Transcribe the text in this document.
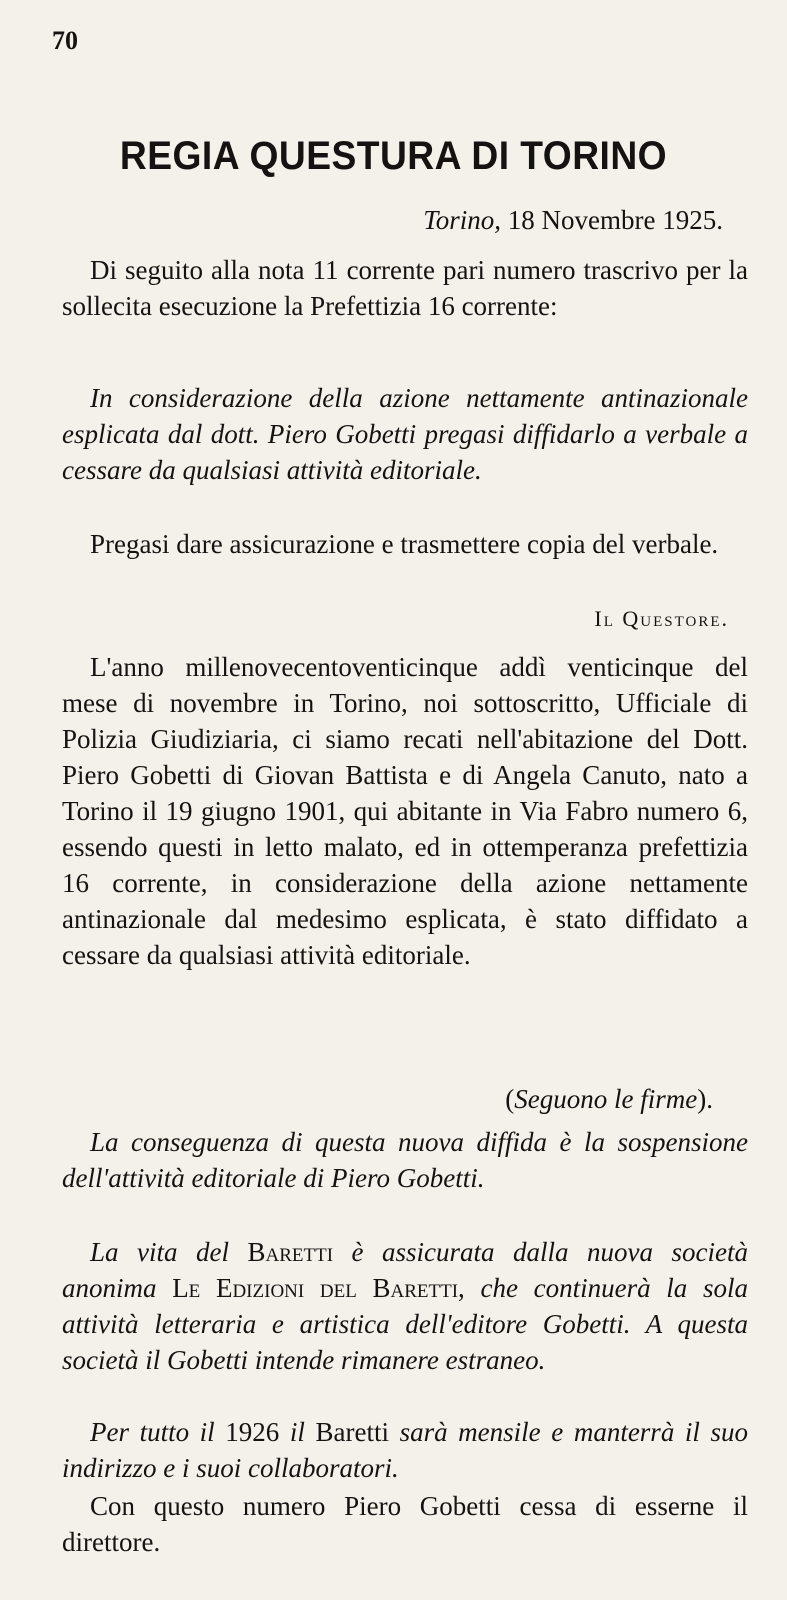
70
REGIA QUESTURA DI TORINO
Torino, 18 Novembre 1925.
Di seguito alla nota 11 corrente pari numero trascrivo per la sollecita esecuzione la Prefettizia 16 corrente:
In considerazione della azione nettamente antinazionale esplicata dal dott. Piero Gobetti pregasi diffidarlo a verbale a cessare da qualsiasi attività editoriale.
Pregasi dare assicurazione e trasmettere copia del verbale.
Il Questore.
L'anno millenovecentoventicinque addì venticinque del mese di novembre in Torino, noi sottoscritto, Ufficiale di Polizia Giudiziaria, ci siamo recati nell'abitazione del Dott. Piero Gobetti di Giovan Battista e di Angela Canuto, nato a Torino il 19 giugno 1901, qui abitante in Via Fabro numero 6, essendo questi in letto malato, ed in ottemperanza prefettizia 16 corrente, in considerazione della azione nettamente antinazionale dal medesimo esplicata, è stato diffidato a cessare da qualsiasi attività editoriale.
(Seguono le firme).
La conseguenza di questa nuova diffida è la sospensione dell'attività editoriale di Piero Gobetti.
La vita del Baretti è assicurata dalla nuova società anonima Le Edizioni del Baretti, che continuerà la sola attività letteraria e artistica dell'editore Gobetti. A questa società il Gobetti intende rimanere estraneo.
Per tutto il 1926 il Baretti sarà mensile e manterrà il suo indirizzo e i suoi collaboratori.
Con questo numero Piero Gobetti cessa di esserne il direttore.
